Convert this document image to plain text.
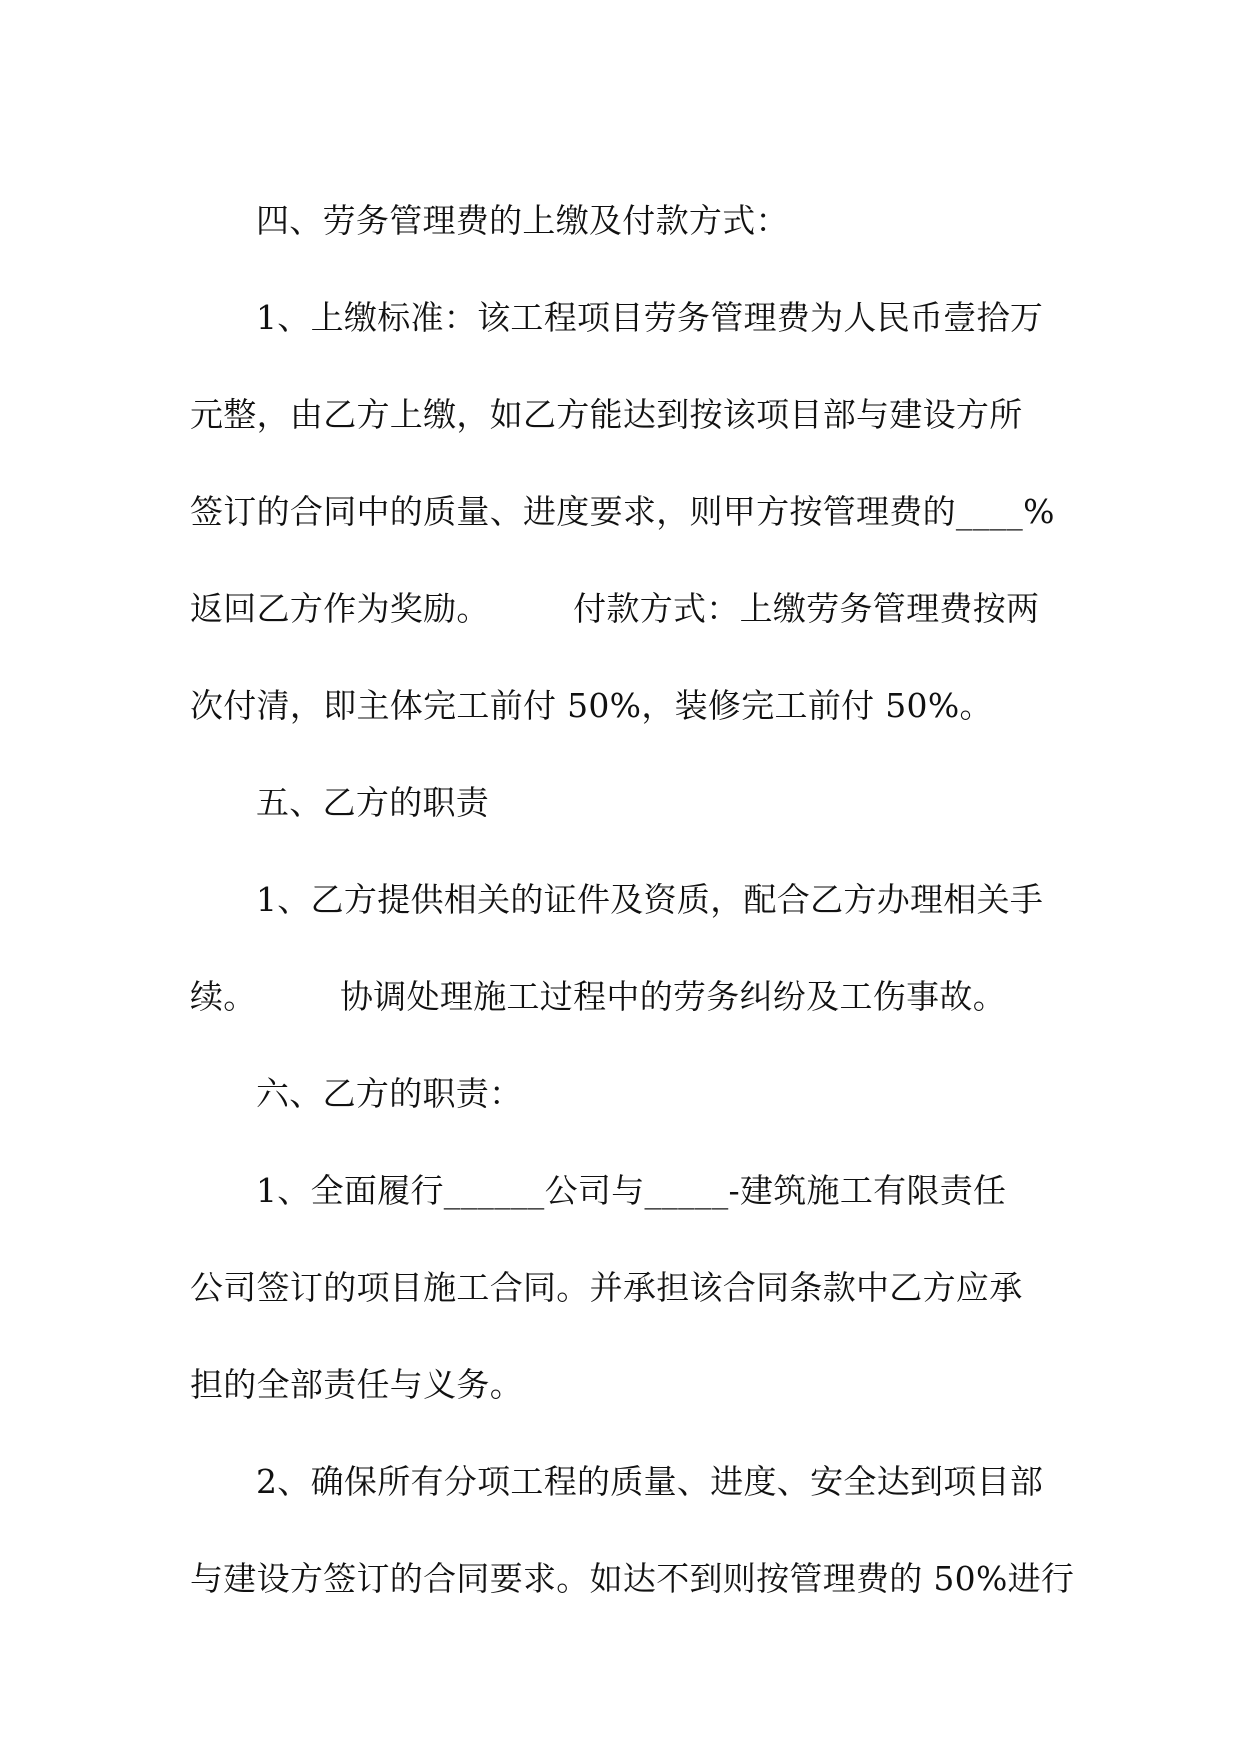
四、劳务管理费的上缴及付款方式：
1、上缴标准：该工程项目劳务管理费为人民币壹拾万
元整，由乙方上缴，如乙方能达到按该项目部与建设方所
签订的合同中的质量、进度要求，则甲方按管理费的____%
返回乙方作为奖励。　　　付款方式：上缴劳务管理费按两
次付清，即主体完工前付 50%，装修完工前付 50%。
五、乙方的职责
1、乙方提供相关的证件及资质，配合乙方办理相关手
续。　　　协调处理施工过程中的劳务纠纷及工伤事故。
六、乙方的职责：
1、全面履行______公司与_____-建筑施工有限责任
公司签订的项目施工合同。并承担该合同条款中乙方应承
担的全部责任与义务。
2、确保所有分项工程的质量、进度、安全达到项目部
与建设方签订的合同要求。如达不到则按管理费的 50%进行
